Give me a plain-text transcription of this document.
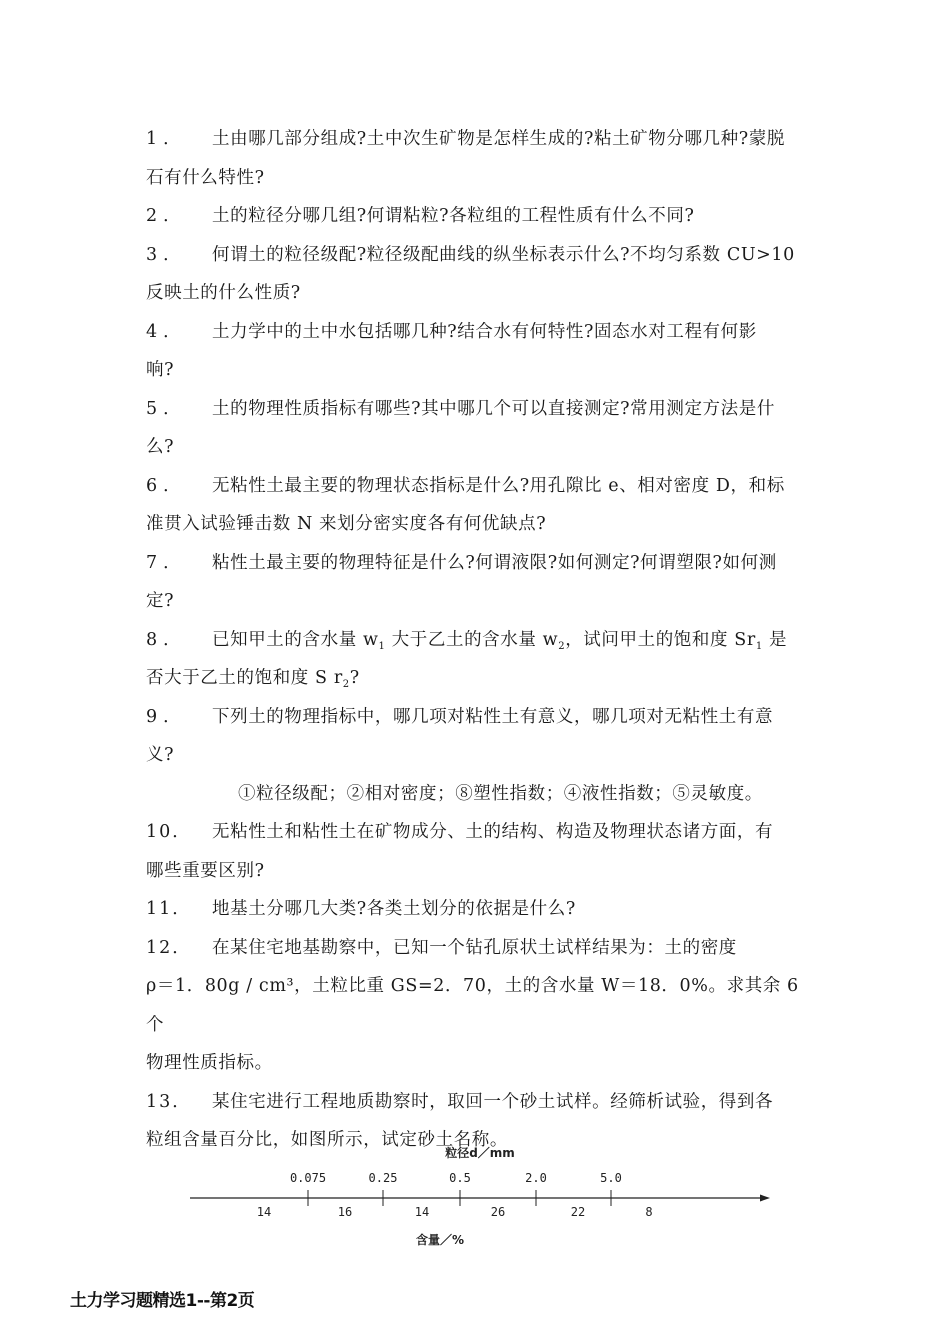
1． 土由哪几部分组成?土中次生矿物是怎样生成的?粘土矿物分哪几种?蒙脱
石有什么特性?
2． 土的粒径分哪几组?何谓粘粒?各粒组的工程性质有什么不同?
3． 何谓土的粒径级配?粒径级配曲线的纵坐标表示什么?不均匀系数 CU>10
反映土的什么性质?
4． 土力学中的土中水包括哪几种?结合水有何特性?固态水对工程有何影
响?
5． 土的物理性质指标有哪些?其中哪几个可以直接测定?常用测定方法是什
么?
6． 无粘性土最主要的物理状态指标是什么?用孔隙比 e、相对密度 D，和标
准贯入试验锤击数 N 来划分密实度各有何优缺点?
7． 粘性土最主要的物理特征是什么?何谓液限?如何测定?何谓塑限?如何测
定?
8． 已知甲土的含水量 $w_1$ 大于乙土的含水量 $w_2$，试问甲土的饱和度 $Sr_1$ 是
否大于乙土的饱和度 S $r_2$?
9． 下列土的物理指标中，哪几项对粘性土有意义，哪几项对无粘性土有意
义?
①粒径级配；②相对密度；⑧塑性指数；④液性指数；⑤灵敏度。
10． 无粘性土和粘性土在矿物成分、土的结构、构造及物理状态诸方面，有
哪些重要区别?
11． 地基土分哪几大类?各类土划分的依据是什么?
12． 在某住宅地基勘察中，已知一个钻孔原状土试样结果为：土的密度
ρ＝1．80g / cm³，土粒比重 GS=2．70，土的含水量 W＝18．0%。求其余 6 个
物理性质指标。
13． 某住宅进行工程地质勘察时，取回一个砂土试样。经筛析试验，得到各
粒组含量百分比，如图所示，试定砂土名称。
粒径d／mm
0.075	0.25	0.5	2.0	5.0
14	16	14	26	22	8
含量／%
土力学习题精选1--第2页
